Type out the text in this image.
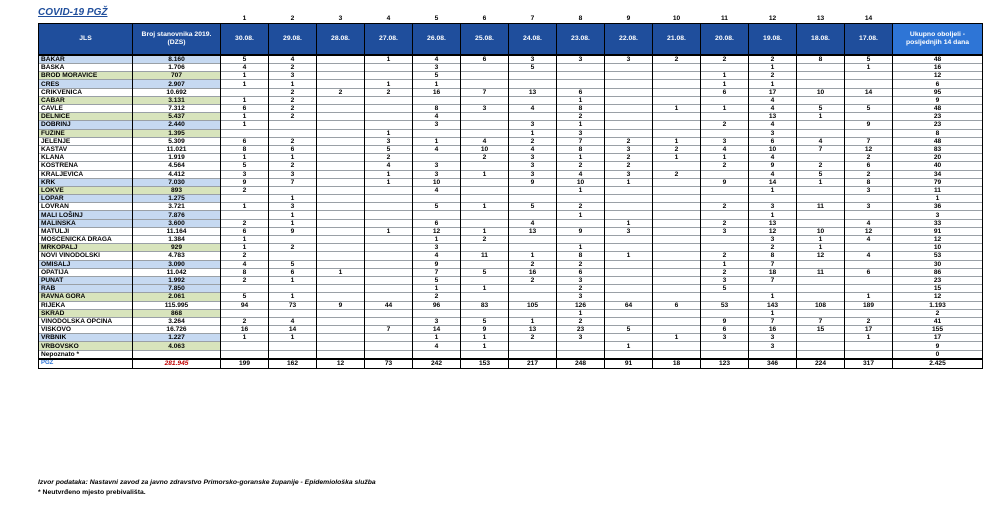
COVID-19 PGŽ
		1	2	3	4	5	6	7	8	9	10	11	12	13	14	
JLS	Broj stanovnika 2019. (DZS)	30.08.	29.08.	28.08.	27.08.	26.08.	25.08.	24.08.	23.08.	22.08.	21.08.	20.08.	19.08.	18.08.	17.08.	Ukupno oboljeli - posljednjih 14 dana
BAKAR	8.160	5	4		1	4	6	3	3	3	2	2	2	8	5	48
BAŠKA	1.706	4	2			3		5					1		1	16
BROD MORAVICE	707	1	3			5						1	2			12
CRES	2.907	1	1		1	1						1	1			6
CRIKVENICA	10.692		2	2	2	16	7	13	6			6	17	10	14	95
ČABAR	3.131	1	2						1				4			9
ČAVLE	7.312	6	2			8	3	4	8		1	1	4	5	5	48
DELNICE	5.437	1	2			4			2				13	1		23
DOBRINJ	2.440	1				3		3	1			2	4		9	23
FUŽINE	1.395				1			1	3				3			8
JELENJE	5.309	6	2		3	1	4	2	7	2	1	3	6	4	7	48
KASTAV	11.021	8	6		5	4	10	4	8	3	2	4	10	7	12	83
KLANA	1.919	1	1		2		2	3	1	2	1	1	4		2	20
KOSTRENA	4.564	5	2		4	3		3	2	2		2	9	2	6	40
KRALJEVICA	4.412	3	3		1	3	1	3	4	3	2		4	5	2	34
KRK	7.030	9	7		1	10		9	10	1		9	14	1	8	79
LOKVE	893	2				4			1				1		3	11
LOPAR	1.275		1													1
LOVRAN	3.721	1	3			5	1	5	2			2	3	11	3	36
MALI LOŠINJ	7.876		1						1				1			3
MALINSKA	3.600	2	1			6		4		1		2	13		4	33
MATULJI	11.164	6	9		1	12	1	13	9	3		3	12	10	12	91
MOŠĆENIČKA DRAGA	1.384	1				1	2						3	1	4	12
MRKOPALJ	929	1	2			3			1				2	1		10
NOVI VINODOLSKI	4.783	2				4	11	1	8	1		2	8	12	4	53
OMIŠALJ	3.090	4	5			9		2	2			1	7			30
OPATIJA	11.042	8	6	1		7	5	16	6			2	18	11	6	86
PUNAT	1.992	2	1			5		2	3			3	7			23
RAB	7.850					1	1		2			5				15
RAVNA GORA	2.061	5	1			2			3				1		1	12
RIJEKA	115.995	94	73	9	44	96	83	105	126	64	6	53	143	108	189	1.193
SKRAD	868								1				1			2
VINODOLSKA OPĆINA	3.264	2	4			3	5	1	2			9	7	7	2	41
VIŠKOVO	16.726	16	14		7	14	9	13	23	5		6	16	15	17	155
VRBNIK	1.227	1	1			1	1	2	3		1	3	3		1	17
VRBOVSKO	4.063					4	1			1			3			9
Nepoznato *																0
PGŽ	281.945	199	162	12	73	242	153	217	248	91	18	123	346	224	317	2.425
Izvor podataka: Nastavni zavod za javno zdravstvo Primorsko-goranske županije - Epidemiološka služba
* Neutvrđeno mjesto prebivališta.
